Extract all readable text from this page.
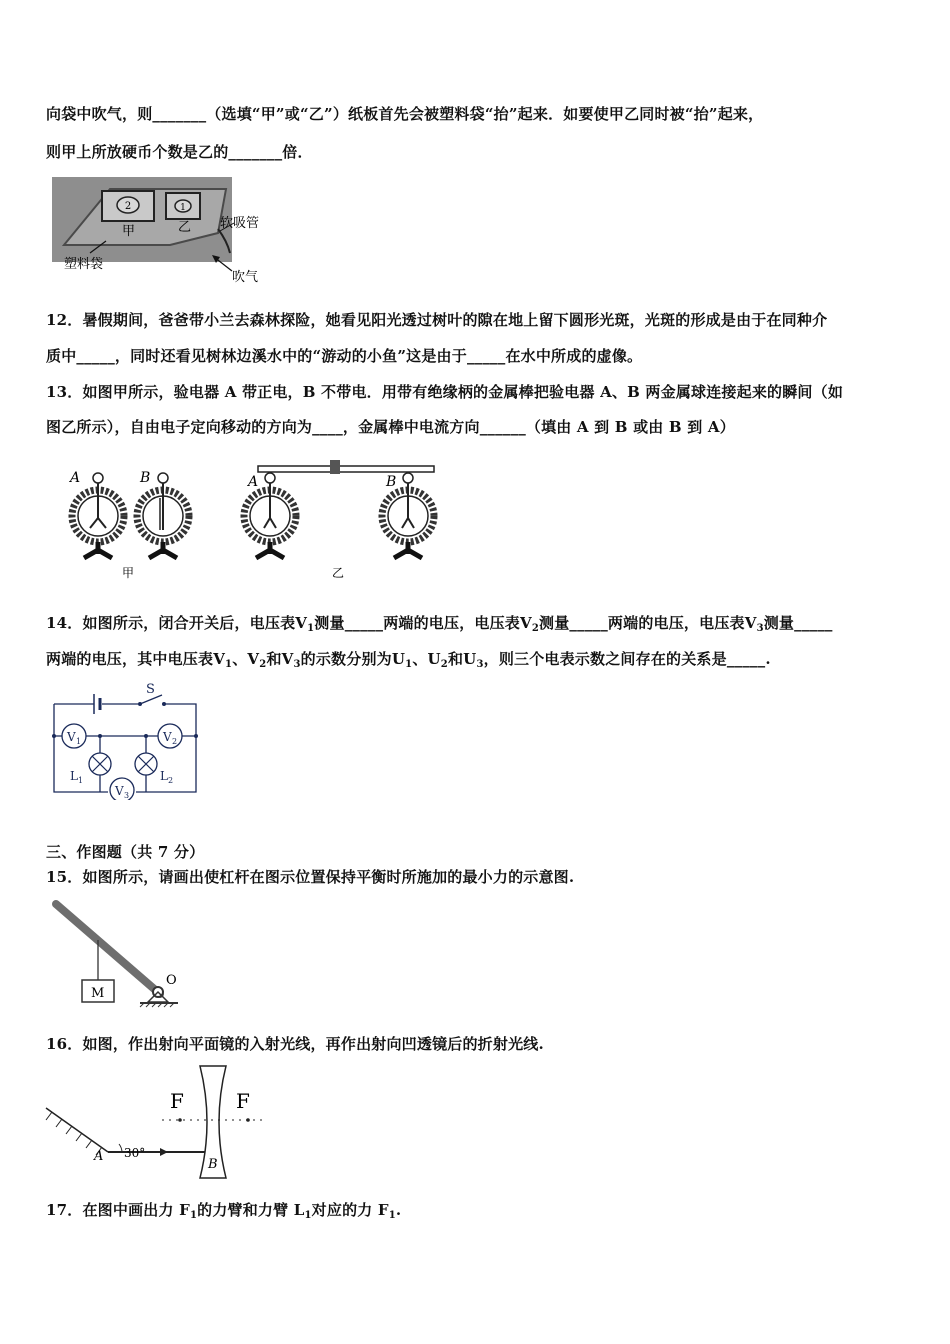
向袋中吹气，则_______（选填“甲”或“乙”）纸板首先会被塑料袋“抬”起来．如要使甲乙同时被“抬”起来，
则甲上所放硬币个数是乙的_______倍．
2	1
甲	乙 软吸管
塑料袋
吹气
12．暑假期间，爸爸带小兰去森林探险，她看见阳光透过树叶的隙在地上留下圆形光斑，光斑的形成是由于在同种介
质中_____，同时还看见树林边溪水中的“游动的小鱼”这是由于_____在水中所成的虚像。
13．如图甲所示，验电器 A 带正电，B 不带电．用带有绝缘柄的金属棒把验电器 A、B 两金属球连接起来的瞬间（如
图乙所示），自由电子定向移动的方向为____，金属棒中电流方向______（填由 A 到 B 或由 B 到 A）
A	B
甲
A	B
乙
14．如图所示，闭合开关后，电压表$V_1$测量_____两端的电压，电压表$V_2$测量_____两端的电压，电压表$V_3$测量_____
两端的电压，其中电压表$V_1$、$V_2$和$V_3$的示数分别为$U_1$、$U_2$和$U_3$，则三个电表示数之间存在的关系是_____.
S
V 1	V 2
$L_1$	$L_2$
V 3
三、作图题（共 7 分）
15．如图所示，请画出使杠杆在图示位置保持平衡时所施加的最小力的示意图.
M
O
16．如图，作出射向平面镜的入射光线，再作出射向凹透镜后的折射光线.
30°
A
F	F
B
17．在图中画出力 $F_1$的力臂和力臂 $L_1$对应的力 $F_1$.
